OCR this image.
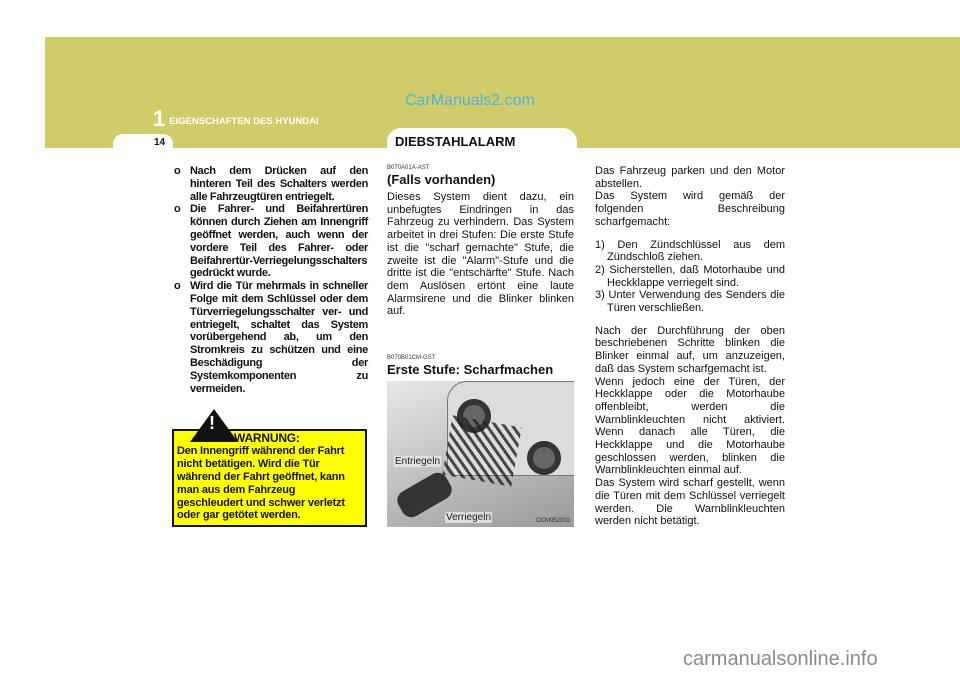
CarManuals2.com
1 EIGENSCHAFTEN DES HYUNDAI
14	DIEBSTAHLALARM
o Nach dem Drücken auf den hinteren Teil des Schalters werden alle Fahrzeugtüren entriegelt.
o Die Fahrer- und Beifahrertüren können durch Ziehen am Innengriff geöffnet werden, auch wenn der vordere Teil des Fahrer- oder Beifahrertür-Verriegelungsschalters gedrückt wurde.
o Wird die Tür mehrmals in schneller Folge mit dem Schlüssel oder dem Türverriegelungsschalter ver- und entriegelt, schaltet das System vorübergehend ab, um den Stromkreis zu schützen und eine Beschädigung der Systemkomponenten zu vermeiden.
!
WARNUNG:
Den Innengriff während der Fahrt nicht betätigen. Wird die Tür während der Fahrt geöffnet, kann man aus dem Fahrzeug geschleudert und schwer verletzt oder gar getötet werden.
B070A01A-AST
(Falls vorhanden)
Dieses System dient dazu, ein unbefugtes Eindringen in das Fahrzeug zu verhindern. Das System arbeitet in drei Stufen: Die erste Stufe ist die "scharf gemachte" Stufe, die zweite ist die "Alarm"-Stufe und die dritte ist die "entschärfte" Stufe. Nach dem Auslösen ertönt eine laute Alarmsirene und die Blinker blinken auf.
B070B01CM-GST
Erste Stufe: Scharfmachen
Entriegeln
Verriegeln	OCM052002
Das Fahrzeug parken und den Motor abstellen.
Das System wird gemäß der folgenden Beschreibung scharfgemacht:
1) Den Zündschlüssel aus dem Zündschloß ziehen.
2) Sicherstellen, daß Motorhaube und Heckklappe verriegelt sind.
3) Unter Verwendung des Senders die Türen verschließen.
Nach der Durchführung der oben beschriebenen Schritte blinken die Blinker einmal auf, um anzuzeigen, daß das System scharfgemacht ist.
Wenn jedoch eine der Türen, der Heckklappe oder die Motorhaube offenbleibt, werden die Warnblinkleuchten nicht aktiviert. Wenn danach alle Türen, die Heckklappe und die Motorhaube geschlossen werden, blinken die Warnblinkleuchten einmal auf.
Das System wird scharf gestellt, wenn die Türen mit dem Schlüssel verriegelt werden. Die Warnblinkleuchten werden nicht betätigt.
carmanualsonline.info
